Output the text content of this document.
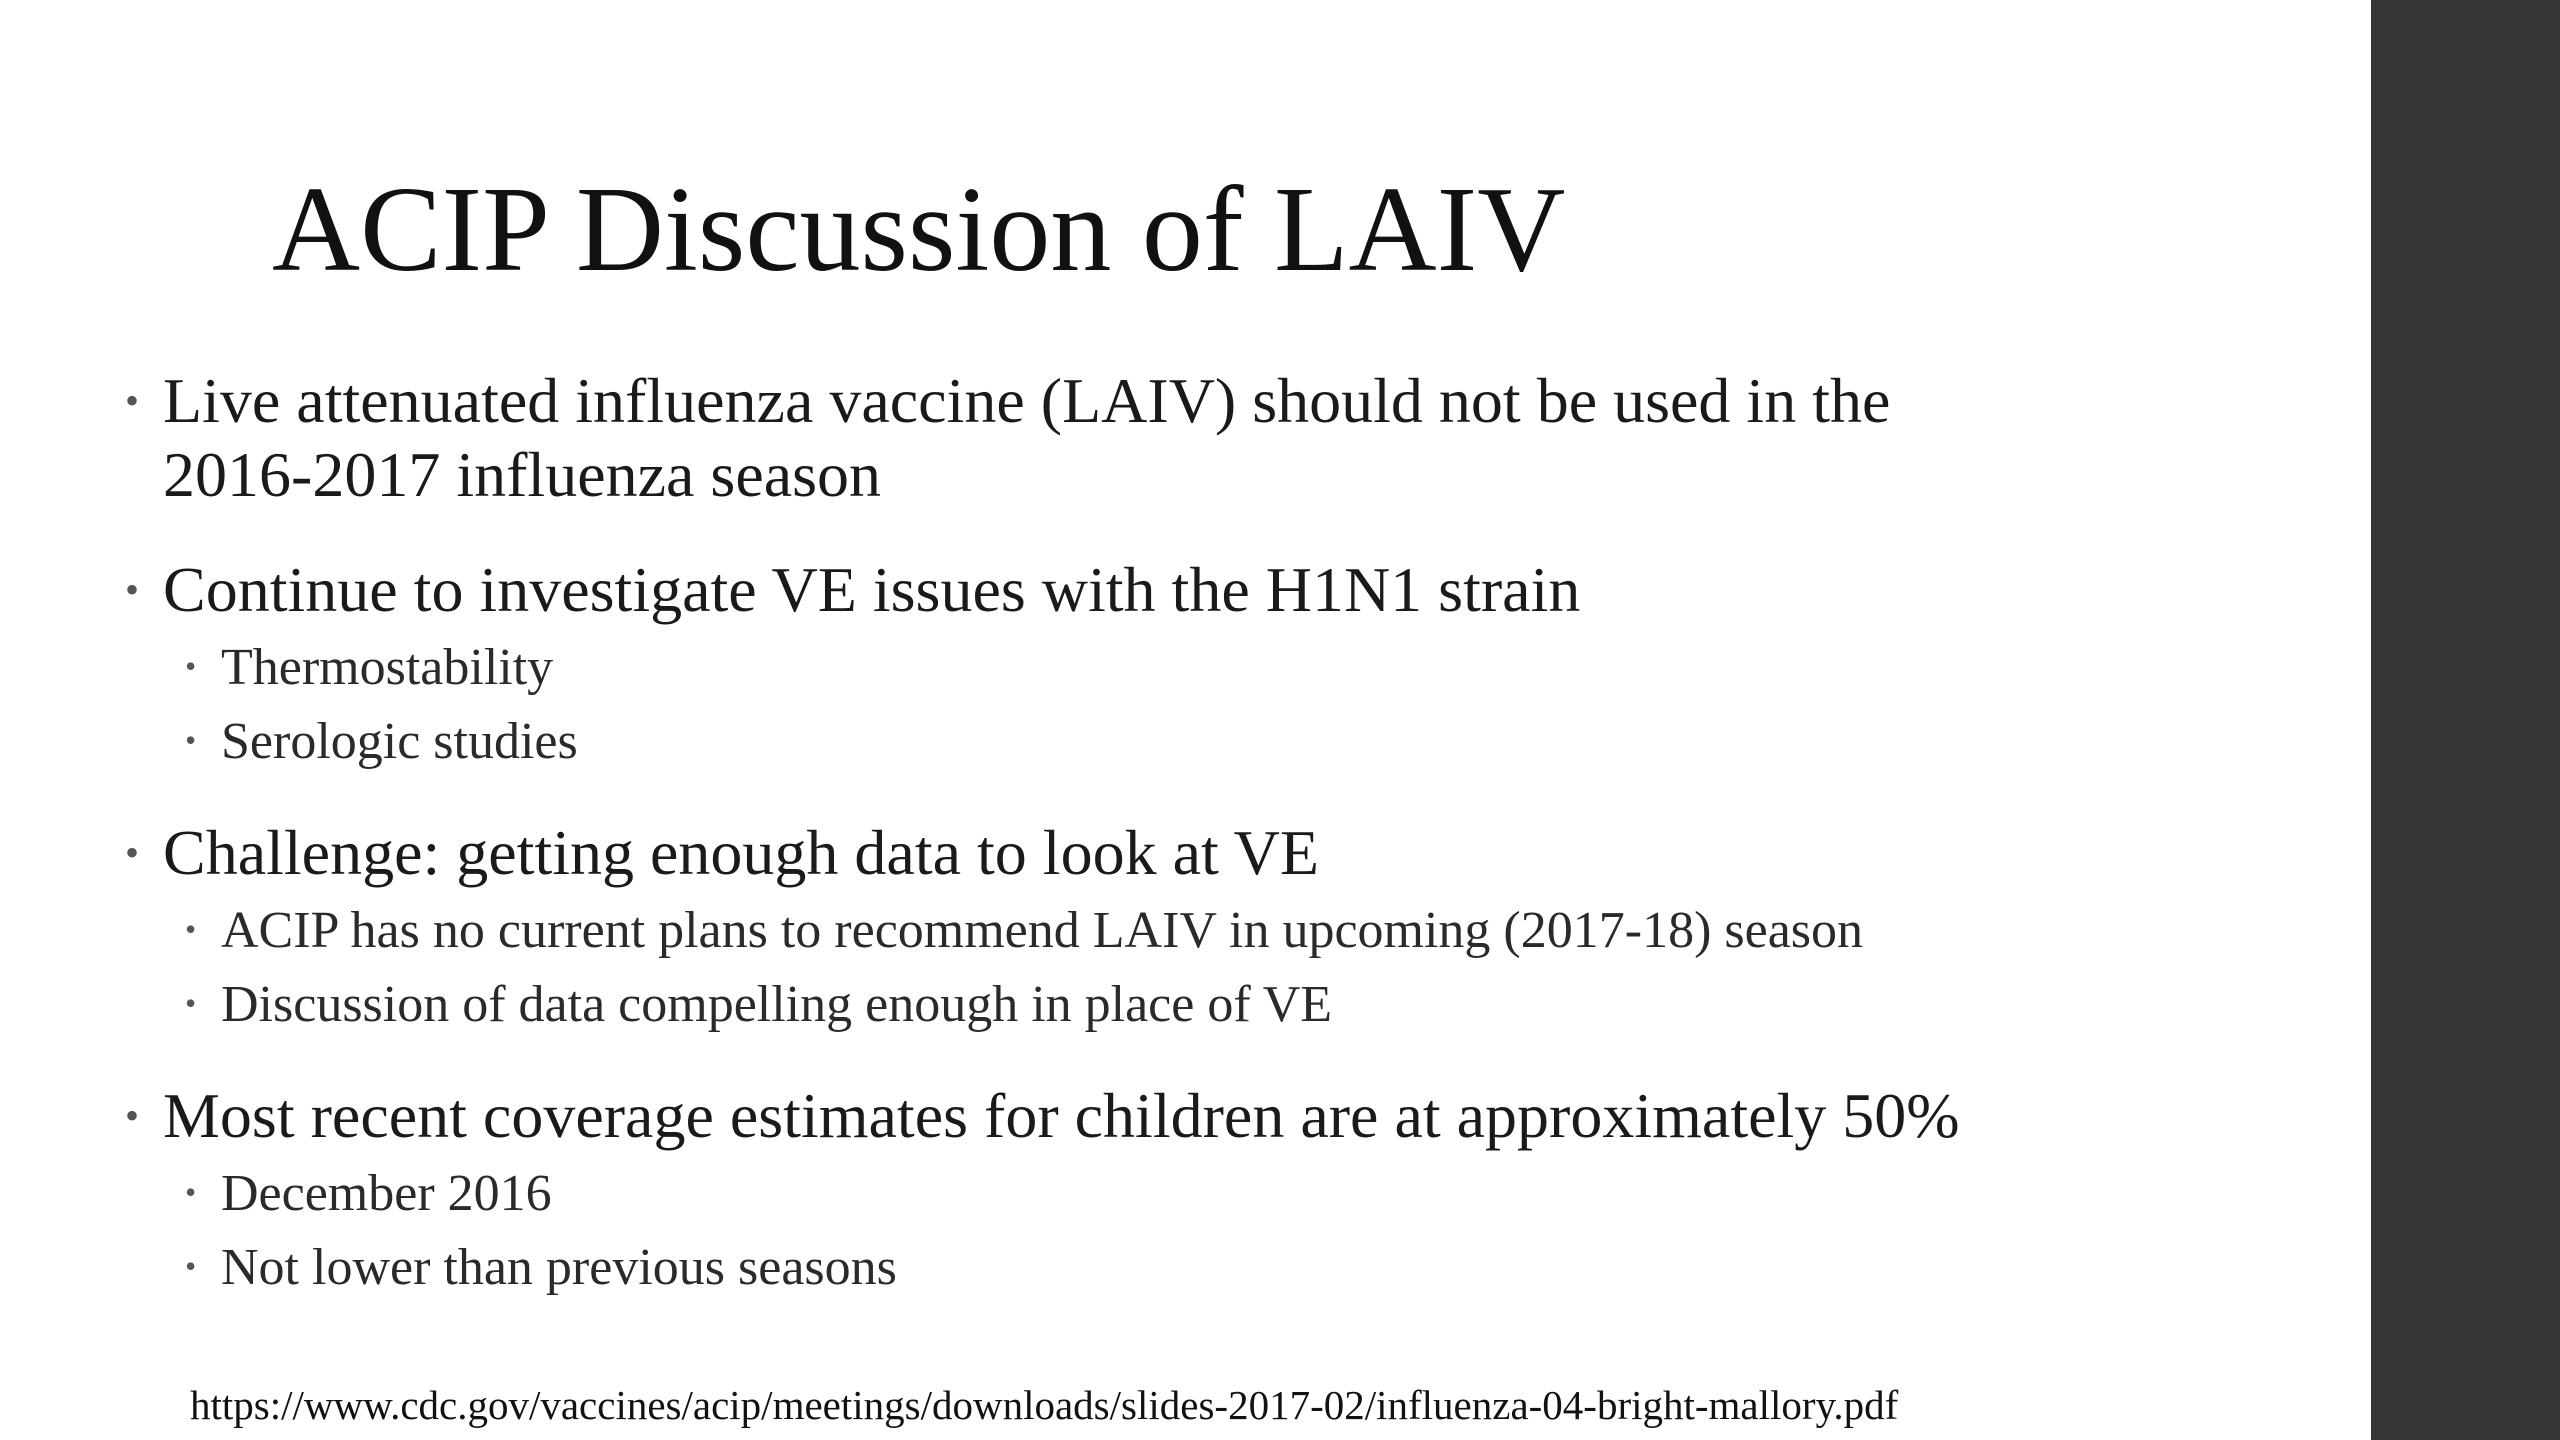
ACIP Discussion of LAIV
• Live attenuated influenza vaccine (LAIV) should not be used in the
2016-2017 influenza season
• Continue to investigate VE issues with the H1N1 strain
• Thermostability
• Serologic studies
• Challenge: getting enough data to look at VE
• ACIP has no current plans to recommend LAIV in upcoming (2017-18) season
• Discussion of data compelling enough in place of VE
• Most recent coverage estimates for children are at approximately 50%
• December 2016
• Not lower than previous seasons
https://www.cdc.gov/vaccines/acip/meetings/downloads/slides-2017-02/influenza-04-bright-mallory.pdf
